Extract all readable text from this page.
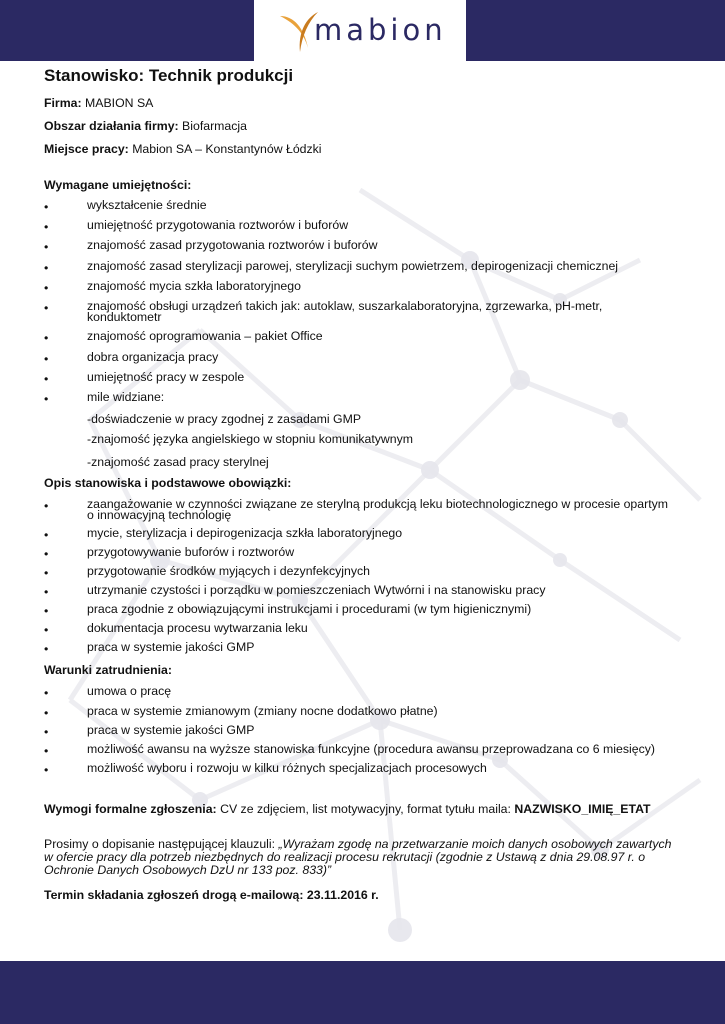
mabion
Stanowisko: Technik produkcji
Firma: MABION SA
Obszar działania firmy: Biofarmacja
Miejsce pracy: Mabion SA – Konstantynów Łódzki
Wymagane umiejętności:
•	wykształcenie średnie
•	umiejętność przygotowania roztworów i buforów
•	znajomość zasad przygotowania roztworów i buforów
•	znajomość zasad sterylizacji parowej, sterylizacji suchym powietrzem, depirogenizacji chemicznej
•	znajomość mycia szkła laboratoryjnego
•	znajomość obsługi urządzeń takich jak: autoklaw, suszarkalaboratoryjna, zgrzewarka, pH-metr, konduktometr
•	znajomość oprogramowania – pakiet Office
•	dobra organizacja pracy
•	umiejętność pracy w zespole
•	mile widziane:
-doświadczenie w pracy zgodnej z zasadami GMP
-znajomość języka angielskiego w stopniu komunikatywnym
-znajomość zasad pracy sterylnej
Opis stanowiska i podstawowe obowiązki:
•	zaangażowanie w czynności związane ze sterylną produkcją leku biotechnologicznego w procesie opartym o innowacyjną technologię
•	mycie, sterylizacja i depirogenizacja szkła laboratoryjnego
•	przygotowywanie buforów i roztworów
•	przygotowanie środków myjących i dezynfekcyjnych
•	utrzymanie czystości i porządku w pomieszczeniach Wytwórni i na stanowisku pracy
•	praca zgodnie z obowiązującymi instrukcjami i procedurami (w tym higienicznymi)
•	dokumentacja procesu wytwarzania leku
•	praca w systemie jakości GMP
Warunki zatrudnienia:
•	umowa o pracę
•	praca w systemie zmianowym (zmiany nocne dodatkowo płatne)
•	praca w systemie jakości GMP
•	możliwość awansu na wyższe stanowiska funkcyjne (procedura awansu przeprowadzana co 6 miesięcy)
•	możliwość wyboru i rozwoju w kilku różnych specjalizacjach procesowych
Wymogi formalne zgłoszenia: CV ze zdjęciem, list motywacyjny, format tytułu maila: NAZWISKO_IMIĘ_ETAT
Prosimy o dopisanie następującej klauzuli: „Wyrażam zgodę na przetwarzanie moich danych osobowych zawartych w ofercie pracy dla potrzeb niezbędnych do realizacji procesu rekrutacji (zgodnie z Ustawą z dnia 29.08.97 r. o Ochronie Danych Osobowych DzU nr 133 poz. 833)”
Termin składania zgłoszeń drogą e-mailową: 23.11.2016 r.
